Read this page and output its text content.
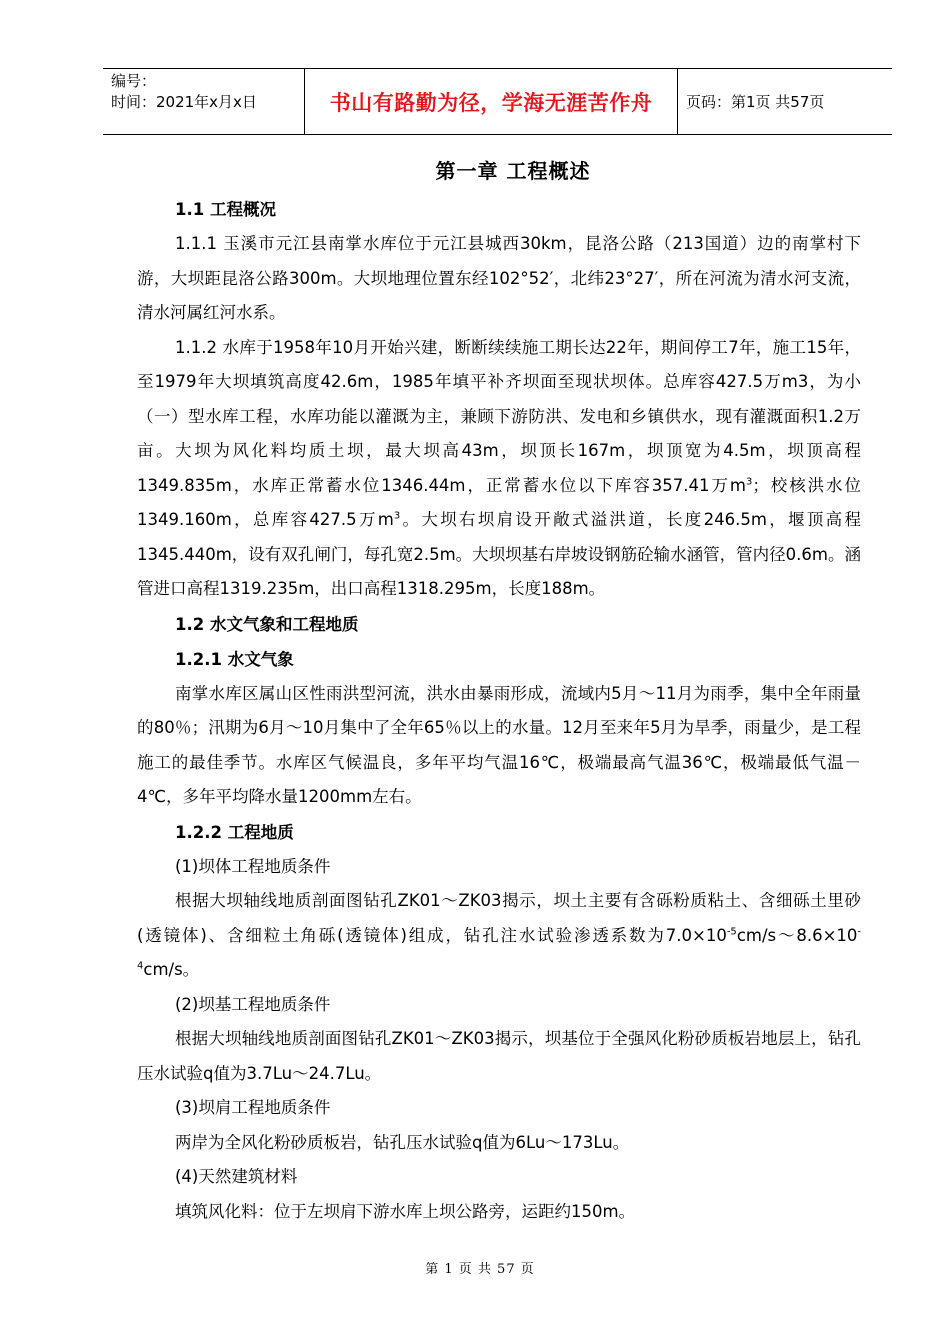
编号：
时间：2021年x月x日	书山有路勤为径，学海无涯苦作舟 页码：第1页 共57页
第一章 工程概述
1.1 工程概况

1.1.1 玉溪市元江县南掌水库位于元江县城西30km，昆洛公路（213国道）边的南掌村下游，大坝距昆洛公路300m。大坝地理位置东经102°52′，北纬23°27′，所在河流为清水河支流，清水河属红河水系。

1.1.2 水库于1958年10月开始兴建，断断续续施工期长达22年，期间停工7年，施工15年，至1979年大坝填筑高度42.6m，1985年填平补齐坝面至现状坝体。总库容427.5万m3，为小（一）型水库工程，水库功能以灌溉为主，兼顾下游防洪、发电和乡镇供水，现有灌溉面积1.2万亩。大坝为风化料均质土坝，最大坝高43m，坝顶长167m，坝顶宽为4.5m，坝顶高程1349.835m，水库正常蓄水位1346.44m，正常蓄水位以下库容357.41万$m^3$；校核洪水位1349.160m，总库容427.5万$m^3$。大坝右坝肩设开敞式溢洪道，长度246.5m，堰顶高程1345.440m，设有双孔闸门，每孔宽2.5m。大坝坝基右岸坡设钢筋砼输水涵管，管内径0.6m。涵管进口高程1319.235m，出口高程1318.295m，长度188m。

1.2 水文气象和工程地质
1.2.1 水文气象

南掌水库区属山区性雨洪型河流，洪水由暴雨形成，流域内5月～11月为雨季，集中全年雨量的80％；汛期为6月～10月集中了全年65％以上的水量。12月至来年5月为旱季，雨量少，是工程施工的最佳季节。水库区气候温良，多年平均气温16℃，极端最高气温36℃，极端最低气温－4℃，多年平均降水量1200mm左右。

1.2.2 工程地质

(1)坝体工程地质条件

根据大坝轴线地质剖面图钻孔ZK01～ZK03揭示，坝土主要有含砾粉质粘土、含细砾土里砂(透镜体)、含细粒土角砾(透镜体)组成，钻孔注水试验渗透系数为$7.0\times 10^{-5}cm/s\sim 8.6\times 10^{-4}cm/s$。

(2)坝基工程地质条件

根据大坝轴线地质剖面图钻孔ZK01～ZK03揭示，坝基位于全强风化粉砂质板岩地层上，钻孔压水试验q值为3.7Lu～24.7Lu。

(3)坝肩工程地质条件

两岸为全风化粉砂质板岩，钻孔压水试验q值为6Lu～173Lu。

(4)天然建筑材料

填筑风化料：位于左坝肩下游水库上坝公路旁，运距约150m。

第 1 页 共 57 页
